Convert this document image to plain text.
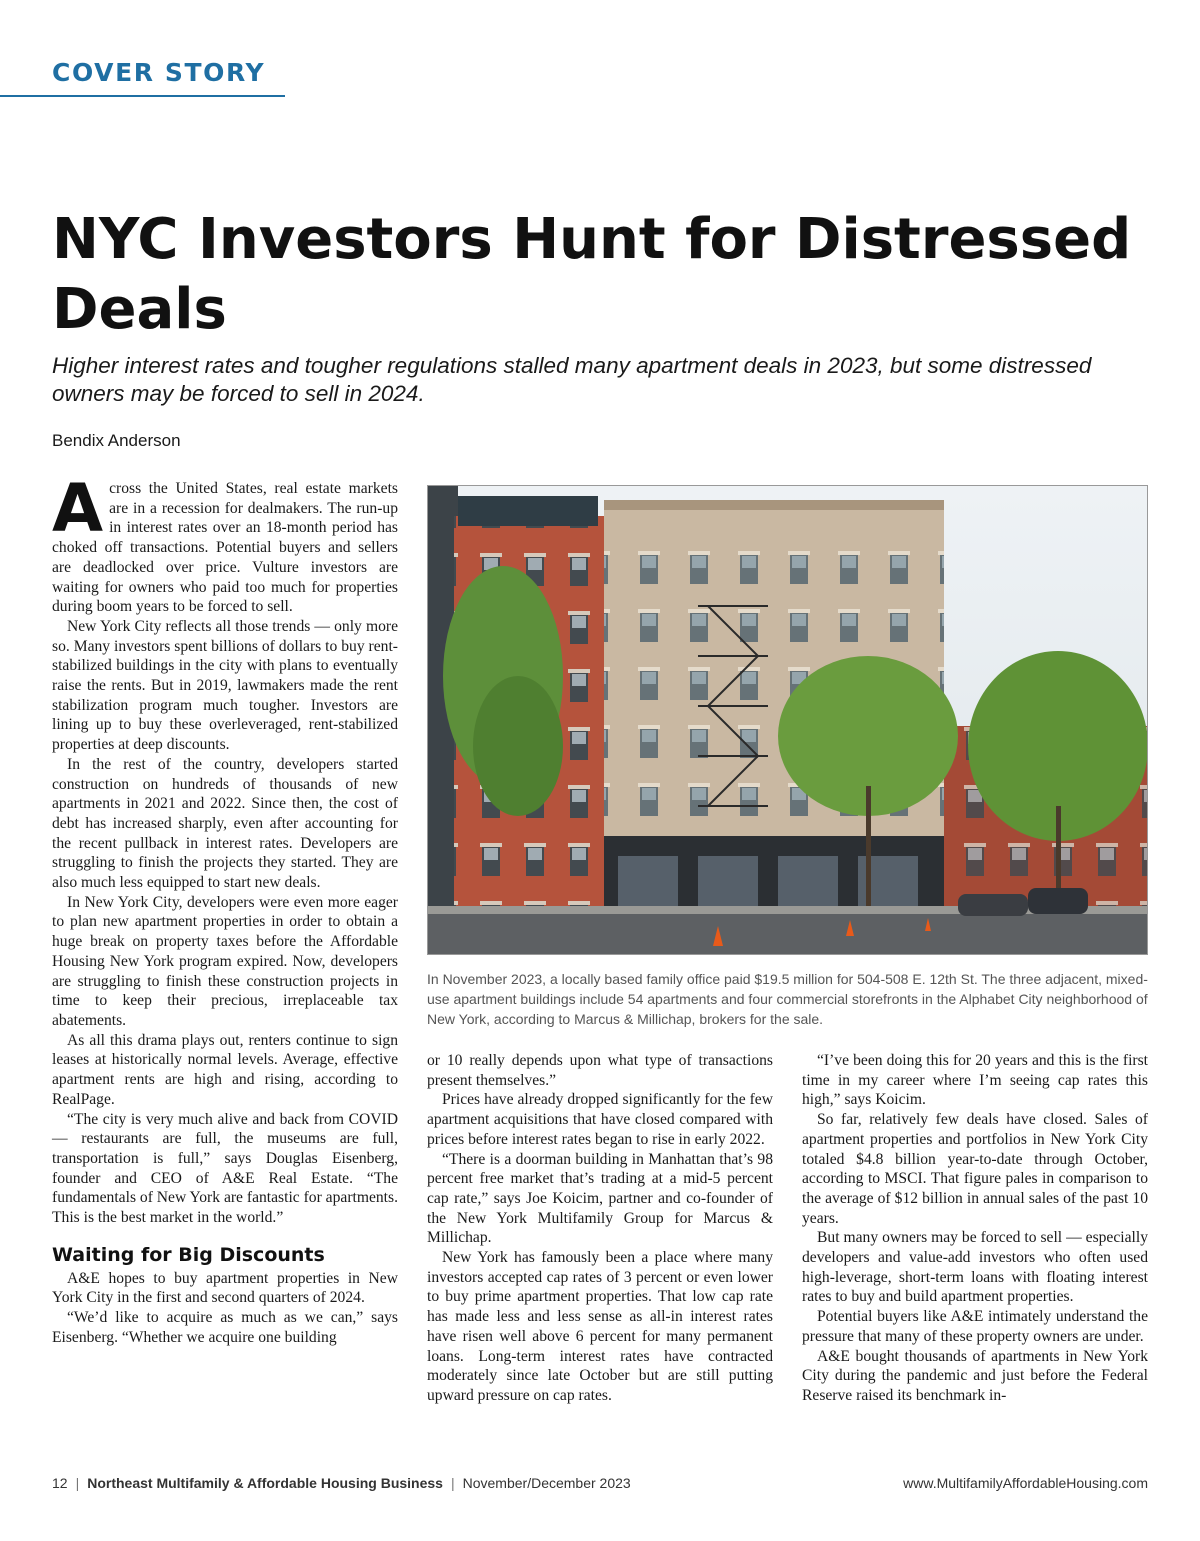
COVER STORY
NYC Investors Hunt for Distressed Deals
Higher interest rates and tougher regulations stalled many apartment deals in 2023, but some distressed owners may be forced to sell in 2024.
Bendix Anderson

Across the United States, real estate markets are in a recession for dealmakers. The run-up in interest rates over an 18-month period has choked off transactions. Potential buyers and sellers are deadlocked over price. Vulture investors are waiting for owners who paid too much for properties during boom years to be forced to sell.

New York City reflects all those trends — only more so. Many investors spent billions of dollars to buy rent-stabilized buildings in the city with plans to eventually raise the rents. But in 2019, lawmakers made the rent stabilization program much tougher. Investors are lining up to buy these overleveraged, rent-stabilized properties at deep discounts.

In the rest of the country, developers started construction on hundreds of thousands of new apartments in 2021 and 2022. Since then, the cost of debt has increased sharply, even after accounting for the recent pullback in interest rates. Developers are struggling to finish the projects they started. They are also much less equipped to start new deals.

In New York City, developers were even more eager to plan new apartment properties in order to obtain a huge break on property taxes before the Affordable Housing New York program expired. Now, developers are struggling to finish these construction projects in time to keep their precious, irreplaceable tax abatements.

As all this drama plays out, renters continue to sign leases at historically normal levels. Average, effective apartment rents are high and rising, according to RealPage.

“The city is very much alive and back from COVID — restaurants are full, the museums are full, transportation is full,” says Douglas Eisenberg, founder and CEO of A&E Real Estate. “The fundamentals of New York are fantastic for apartments. This is the best market in the world.”

Waiting for Big Discounts

A&E hopes to buy apartment properties in New York City in the first and second quarters of 2024.

“We’d like to acquire as much as we can,” says Eisenberg. “Whether we acquire one building

In November 2023, a locally based family office paid $19.5 million for 504-508 E. 12th St. The three adjacent, mixed-use apartment buildings include 54 apartments and four commercial storefronts in the Alphabet City neighborhood of New York, according to Marcus & Millichap, brokers for the sale.

or 10 really depends upon what type of transactions present themselves.”

Prices have already dropped significantly for the few apartment acquisitions that have closed compared with prices before interest rates began to rise in early 2022.

“There is a doorman building in Manhattan that’s 98 percent free market that’s trading at a mid-5 percent cap rate,” says Joe Koicim, partner and co-founder of the New York Multifamily Group for Marcus & Millichap.

New York has famously been a place where many investors accepted cap rates of 3 percent or even lower to buy prime apartment properties. That low cap rate has made less and less sense as all-in interest rates have risen well above 6 percent for many permanent loans. Long-term interest rates have contracted moderately since late October but are still putting upward pressure on cap rates.

“I’ve been doing this for 20 years and this is the first time in my career where I’m seeing cap rates this high,” says Koicim.

So far, relatively few deals have closed. Sales of apartment properties and portfolios in New York City totaled $4.8 billion year-to-date through October, according to MSCI. That figure pales in comparison to the average of $12 billion in annual sales of the past 10 years.

But many owners may be forced to sell — especially developers and value-add investors who often used high-leverage, short-term loans with floating interest rates to buy and build apartment properties.

Potential buyers like A&E intimately understand the pressure that many of these property owners are under.

A&E bought thousands of apartments in New York City during the pandemic and just before the Federal Reserve raised its benchmark in-

12 | Northeast Multifamily & Affordable Housing Business | November/December 2023	www.MultifamilyAffordableHousing.com
